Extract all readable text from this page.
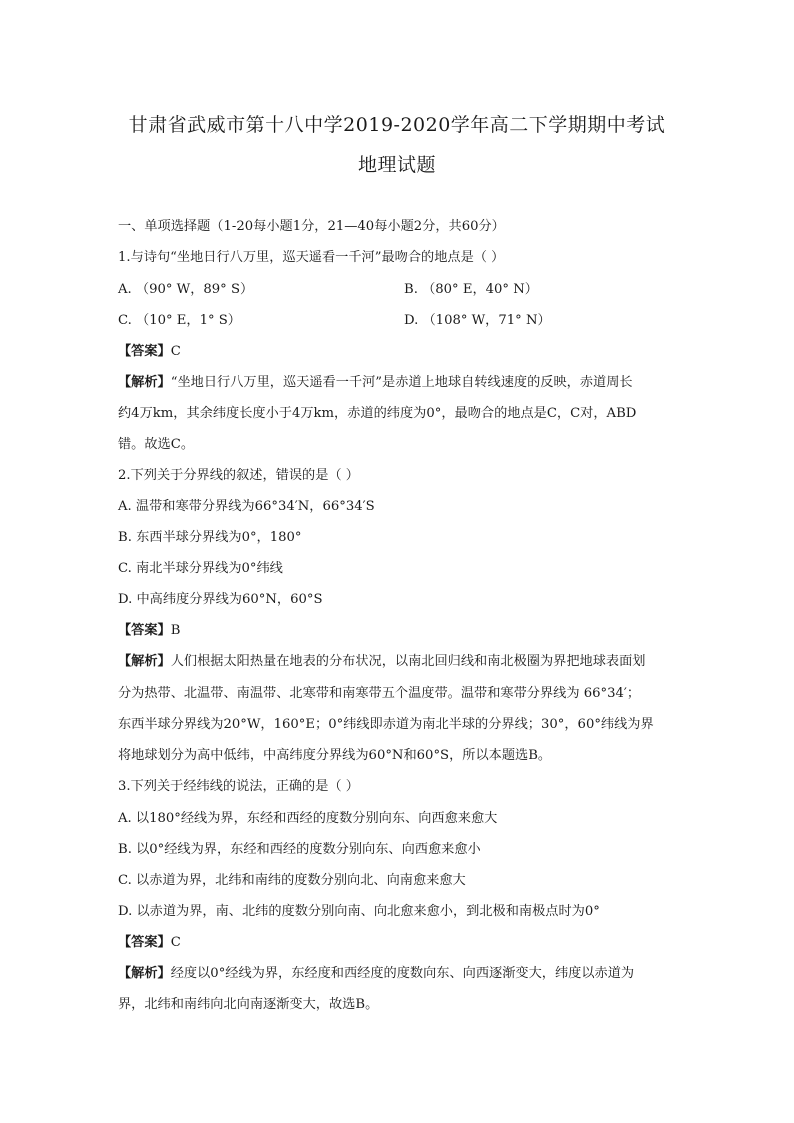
甘肃省武威市第十八中学2019-2020学年高二下学期期中考试
地理试题
一、单项选择题（1-20每小题1分，21—40每小题2分，共60分）
1.与诗句“坐地日行八万里，巡天遥看一千河”最吻合的地点是（ ）
A. （90° W，89° S）	B. （80° E，40° N）
C. （10° E，1° S）	D. （108° W，71° N）
【答案】C
【解析】“坐地日行八万里，巡天遥看一千河”是赤道上地球自转线速度的反映，赤道周长
约4万km，其余纬度长度小于4万km，赤道的纬度为0°，最吻合的地点是C，C对，ABD
错。故选C。
2.下列关于分界线的叙述，错误的是（ ）
A. 温带和寒带分界线为66°34′N，66°34′S
B. 东西半球分界线为0°，180°
C. 南北半球分界线为0°纬线
D. 中高纬度分界线为60°N，60°S
【答案】B
【解析】人们根据太阳热量在地表的分布状况，以南北回归线和南北极圈为界把地球表面划
分为热带、北温带、南温带、北寒带和南寒带五个温度带。温带和寒带分界线为 66°34′；
东西半球分界线为20°W，160°E；0°纬线即赤道为南北半球的分界线；30°，60°纬线为界
将地球划分为高中低纬，中高纬度分界线为60°N和60°S，所以本题选B。
3.下列关于经纬线的说法，正确的是（ ）
A. 以180°经线为界，东经和西经的度数分别向东、向西愈来愈大
B. 以0°经线为界，东经和西经的度数分别向东、向西愈来愈小
C. 以赤道为界，北纬和南纬的度数分别向北、向南愈来愈大
D. 以赤道为界，南、北纬的度数分别向南、向北愈来愈小，到北极和南极点时为0°
【答案】C
【解析】经度以0°经线为界，东经度和西经度的度数向东、向西逐渐变大，纬度以赤道为
界，北纬和南纬向北向南逐渐变大，故选B。
